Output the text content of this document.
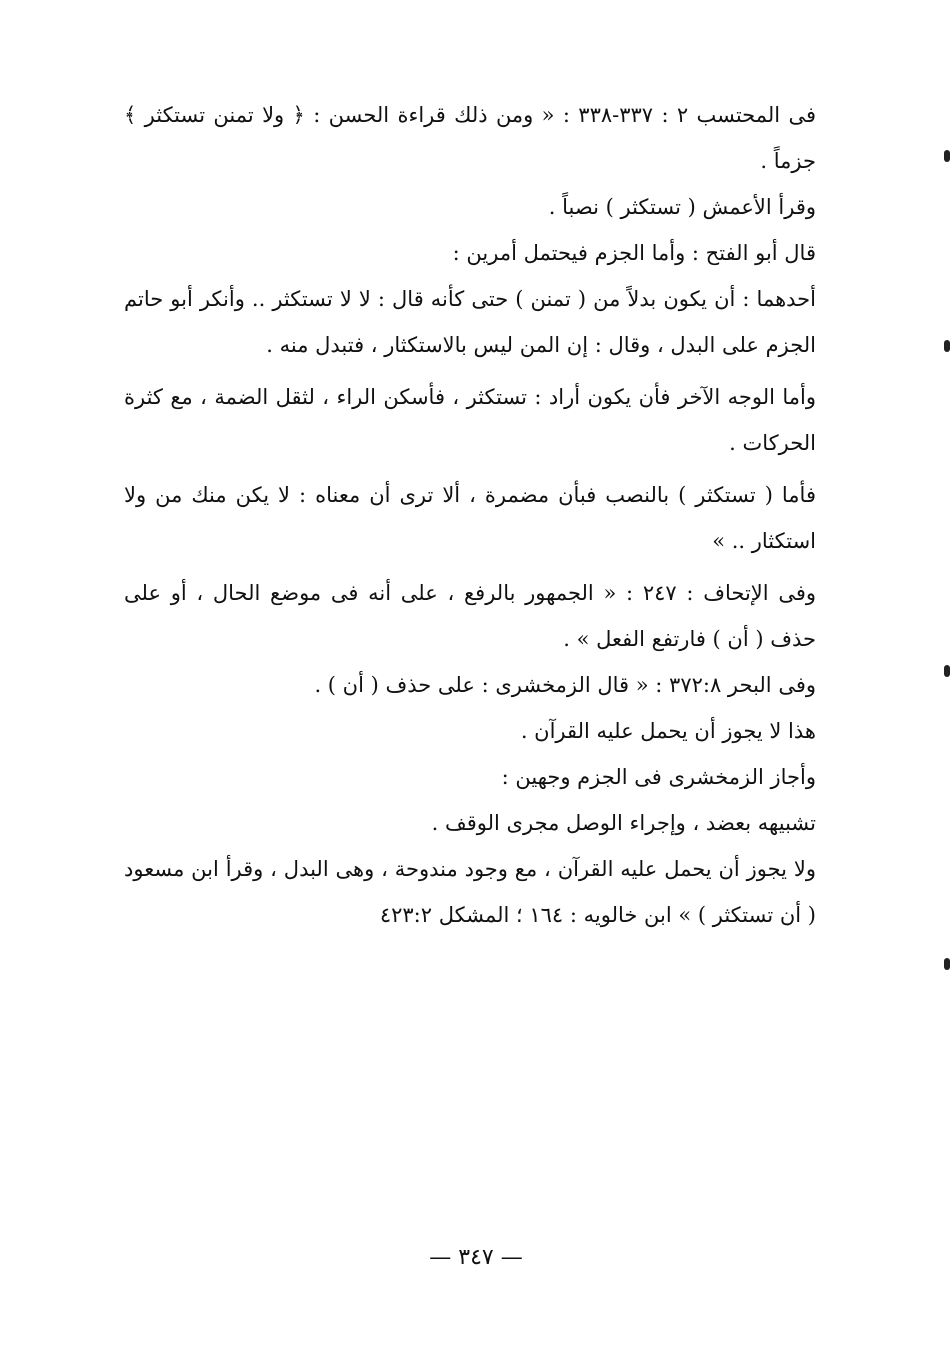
فى المحتسب ٢ : ٣٣٧-٣٣٨ : « ومن ذلك قراءة الحسن : ﴿ ولا تمنن تستكثر ﴾ جزماً .

وقرأ الأعمش ( تستكثر ) نصباً .

قال أبو الفتح : وأما الجزم فيحتمل أمرين :

أحدهما : أن يكون بدلاً من ( تمنن ) حتى كأنه قال : لا لا تستكثر .. وأنكر أبو حاتم الجزم على البدل ، وقال : إن المن ليس بالاستكثار ، فتبدل منه .

وأما الوجه الآخر فأن يكون أراد : تستكثر ، فأسكن الراء ، لثقل الضمة ، مع كثرة الحركات .

فأما ( تستكثر ) بالنصب فبأن مضمرة ، ألا ترى أن معناه : لا يكن منك من ولا استكثار .. »

وفى الإتحاف : ٢٤٧ : « الجمهور بالرفع ، على أنه فى موضع الحال ، أو على حذف ( أن ) فارتفع الفعل » .

وفى البحر ٣٧٢:٨ : « قال الزمخشرى : على حذف ( أن ) .

هذا لا يجوز أن يحمل عليه القرآن .

وأجاز الزمخشرى فى الجزم وجهين :

تشبيهه بعضد ، وإجراء الوصل مجرى الوقف .

ولا يجوز أن يحمل عليه القرآن ، مع وجود مندوحة ، وهى البدل ، وقرأ ابن مسعود ( أن تستكثر ) » ابن خالويه : ١٦٤ ؛ المشكل ٤٢٣:٢

— ٣٤٧ —
